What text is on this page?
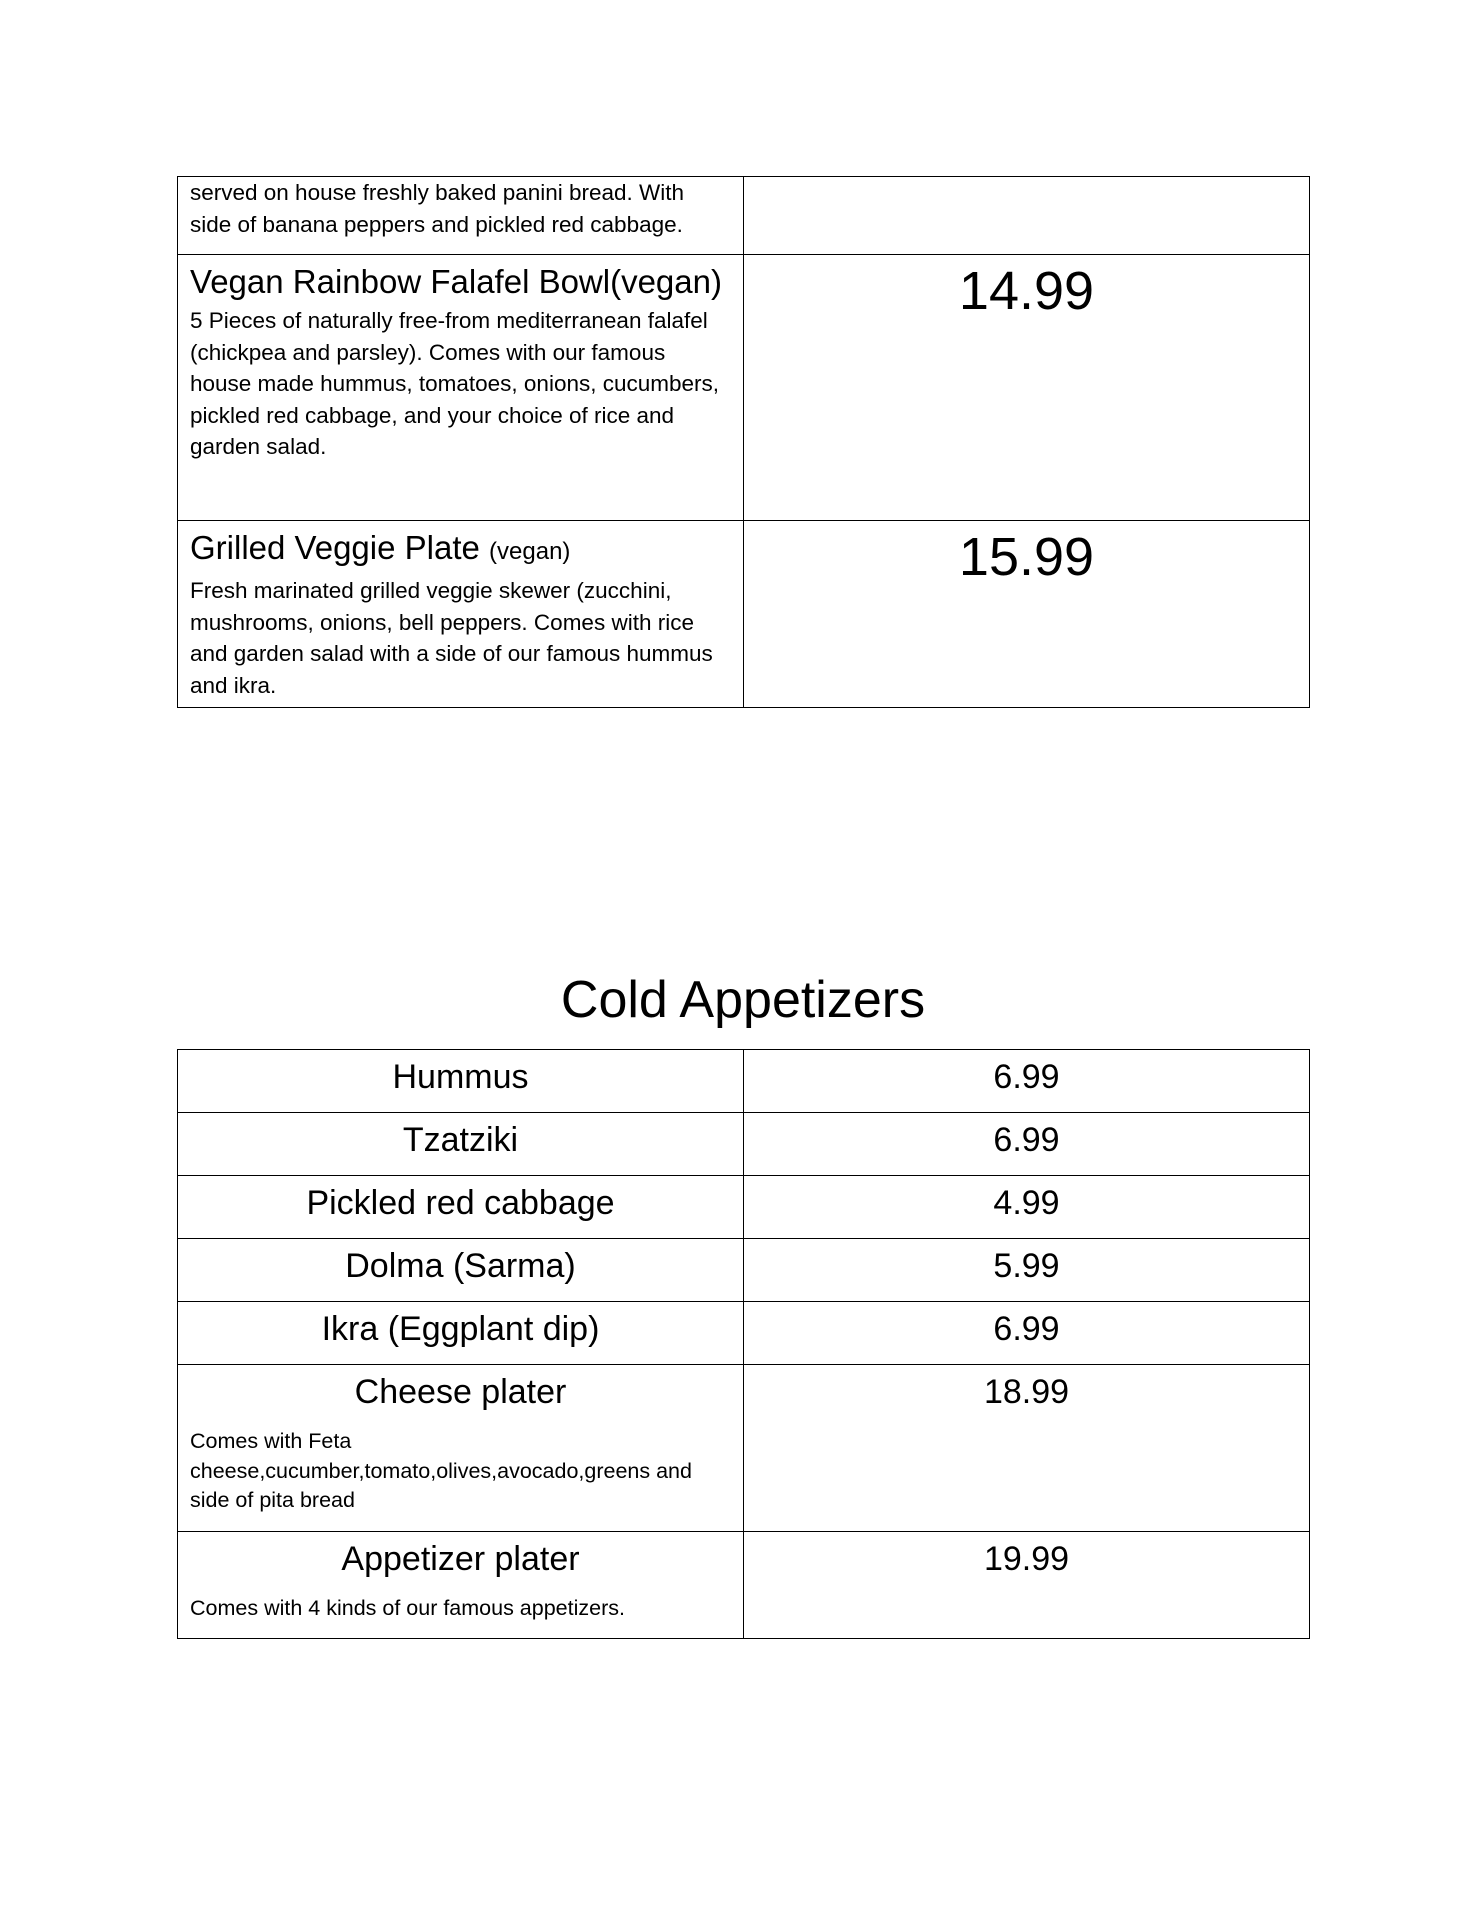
served on house freshly baked panini bread. With side of banana peppers and pickled red cabbage.	

Vegan Rainbow Falafel Bowl(vegan)
5 Pieces of naturally free-from mediterranean falafel (chickpea and parsley). Comes with our famous house made hummus, tomatoes, onions, cucumbers, pickled red cabbage, and your choice of rice and garden salad.	14.99

Grilled Veggie Plate (vegan)
Fresh marinated grilled veggie skewer (zucchini, mushrooms, onions, bell peppers. Comes with rice and garden salad with a side of our famous hummus and ikra.	15.99
Cold Appetizers
Hummus	6.99

Tzatziki	6.99

Pickled red cabbage	4.99

Dolma (Sarma)	5.99

Ikra (Eggplant dip)	6.99

Cheese plater
Comes with Feta cheese,cucumber,tomato,olives,avocado,greens and side of pita bread	18.99

Appetizer plater
Comes with 4 kinds of our famous appetizers.	19.99
